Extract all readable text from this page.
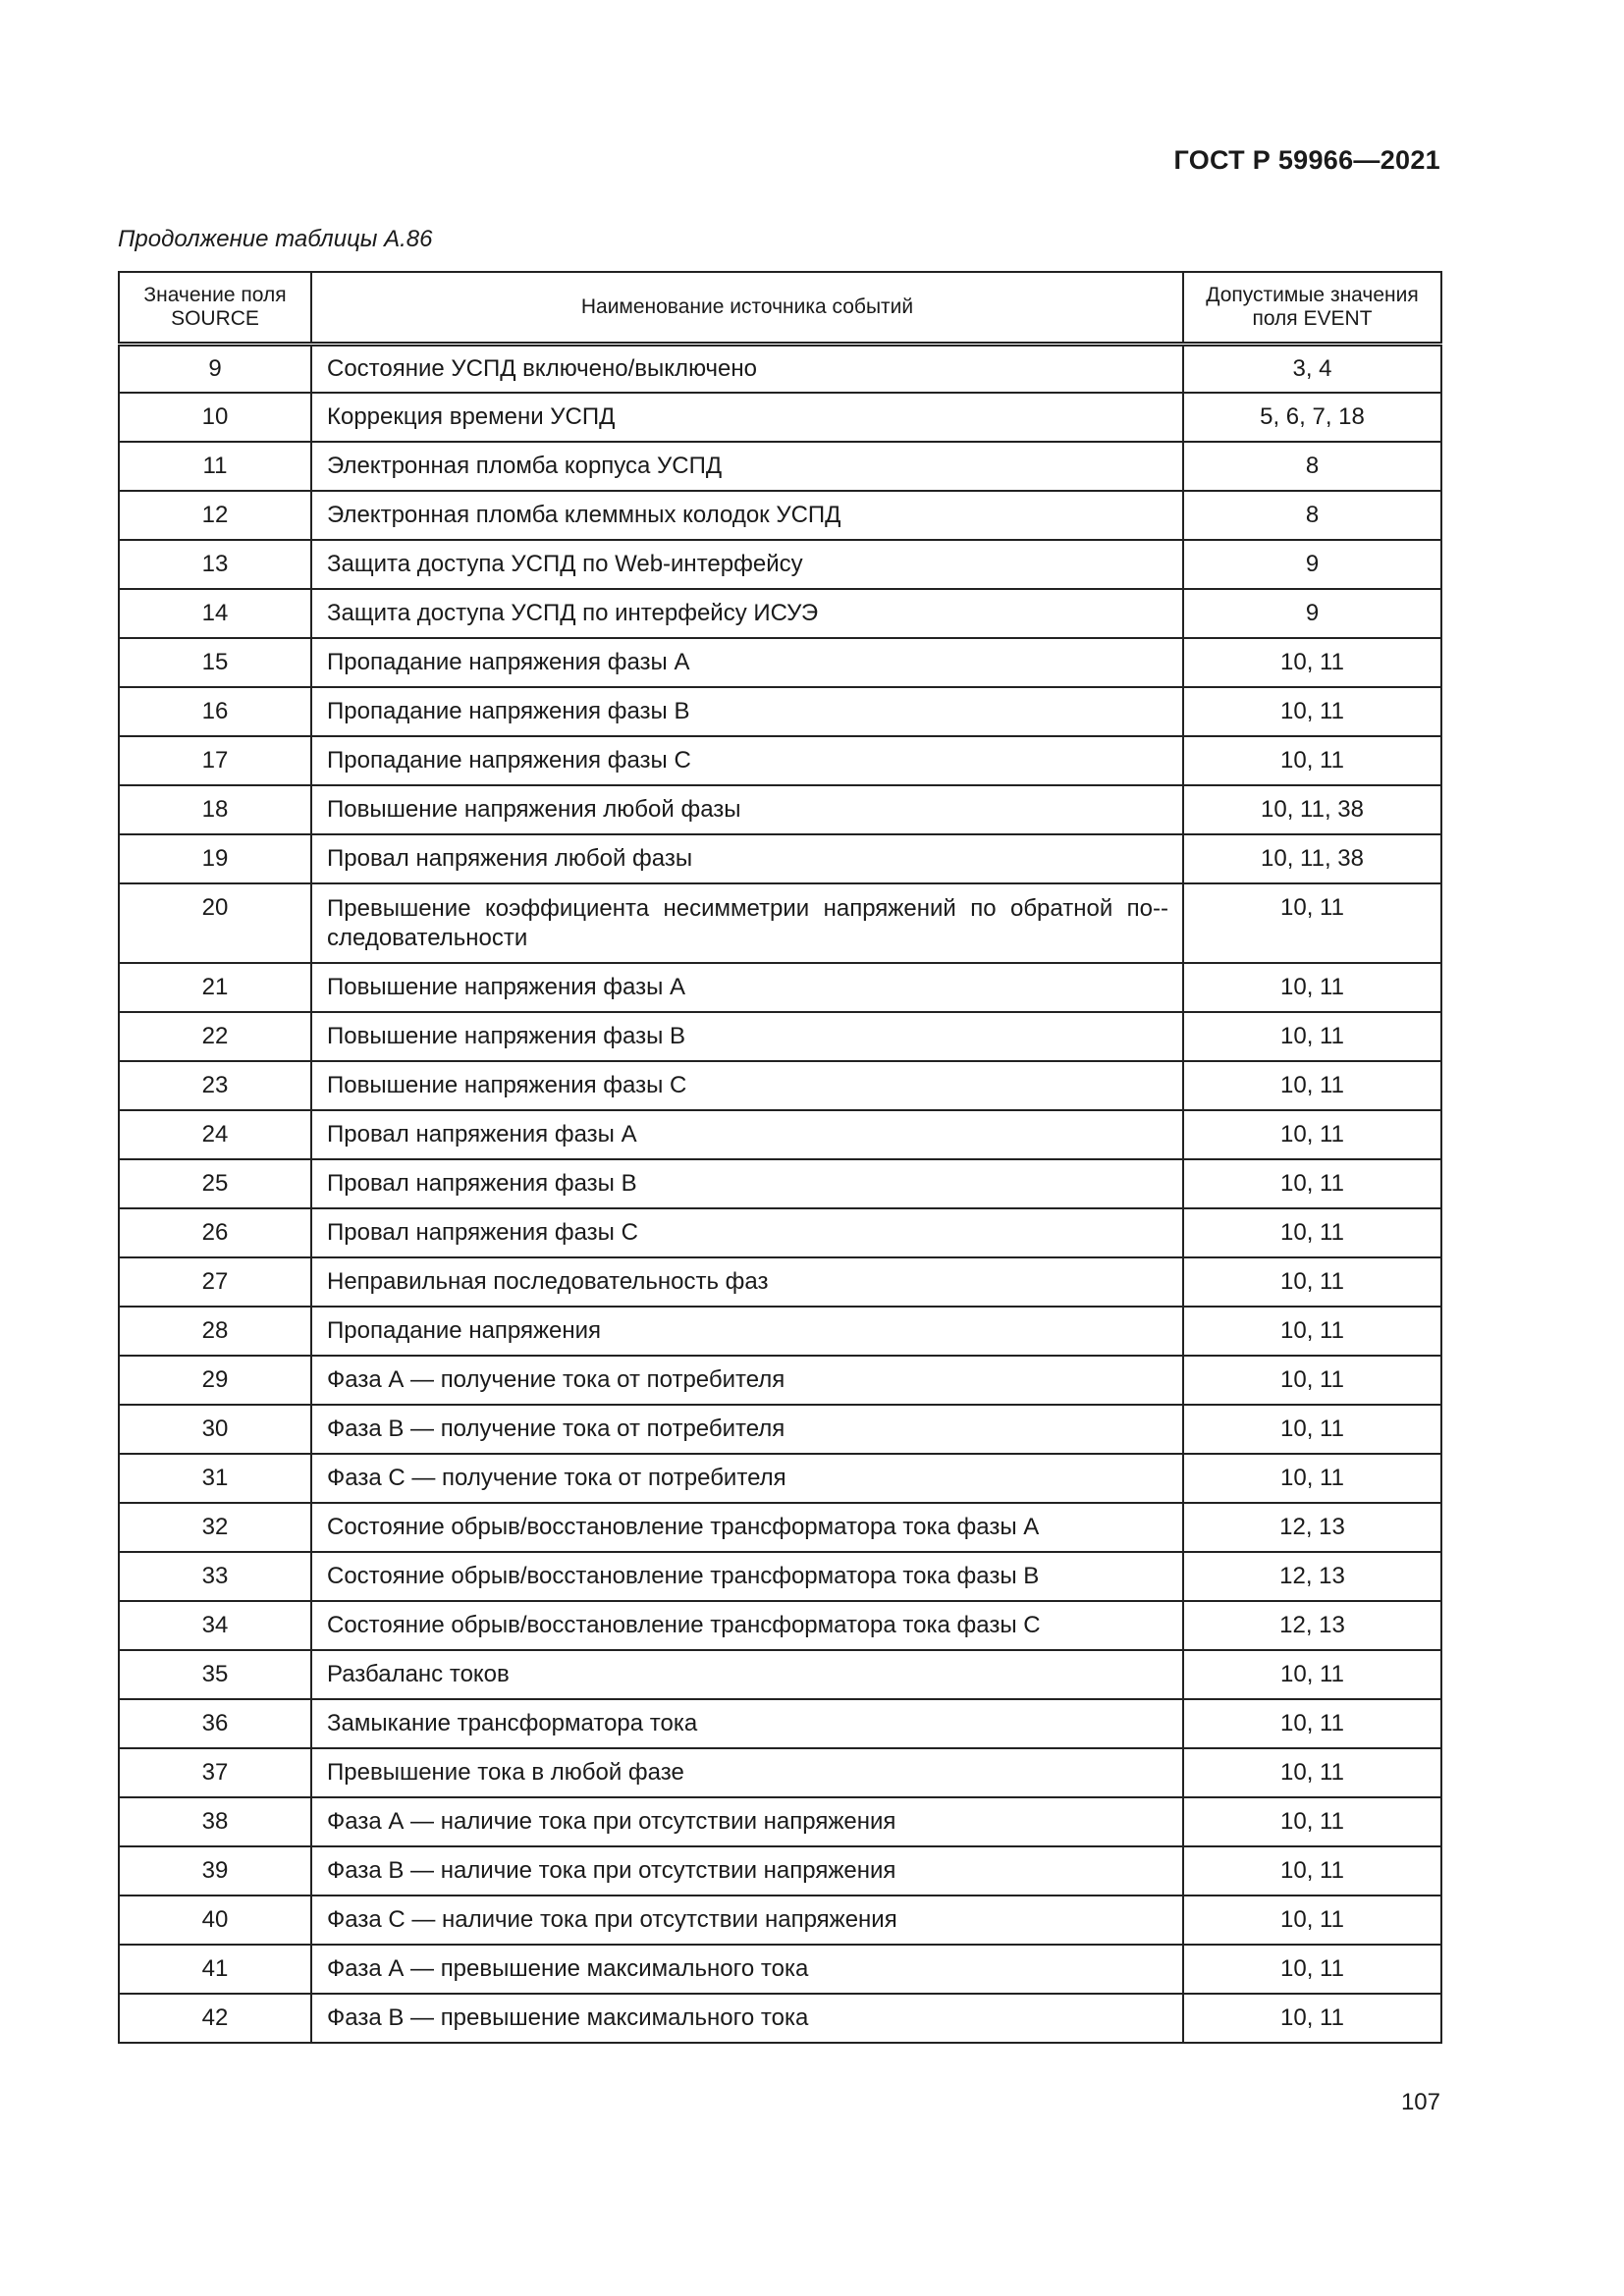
ГОСТ Р 59966—2021
Продолжение таблицы А.86
Значение поля SOURCE	Наименование источника событий	Допустимые значения поля EVENT
9	Состояние УСПД включено/выключено	3, 4
10	Коррекция времени УСПД	5, 6, 7, 18
11	Электронная пломба корпуса УСПД	8
12	Электронная пломба клеммных колодок УСПД	8
13	Защита доступа УСПД по Web-интерфейсу	9
14	Защита доступа УСПД по интерфейсу ИСУЭ	9
15	Пропадание напряжения фазы А	10, 11
16	Пропадание напряжения фазы В	10, 11
17	Пропадание напряжения фазы С	10, 11
18	Повышение напряжения любой фазы	10, 11, 38
19	Провал напряжения любой фазы	10, 11, 38
20	Превышение коэффициента несимметрии напряжений по обратной по-следовательности	10, 11
21	Повышение напряжения фазы А	10, 11
22	Повышение напряжения фазы В	10, 11
23	Повышение напряжения фазы С	10, 11
24	Провал напряжения фазы А	10, 11
25	Провал напряжения фазы В	10, 11
26	Провал напряжения фазы С	10, 11
27	Неправильная последовательность фаз	10, 11
28	Пропадание напряжения	10, 11
29	Фаза А — получение тока от потребителя	10, 11
30	Фаза В — получение тока от потребителя	10, 11
31	Фаза С — получение тока от потребителя	10, 11
32	Состояние обрыв/восстановление трансформатора тока фазы А	12, 13
33	Состояние обрыв/восстановление трансформатора тока фазы В	12, 13
34	Состояние обрыв/восстановление трансформатора тока фазы С	12, 13
35	Разбаланс токов	10, 11
36	Замыкание трансформатора тока	10, 11
37	Превышение тока в любой фазе	10, 11
38	Фаза А — наличие тока при отсутствии напряжения	10, 11
39	Фаза В — наличие тока при отсутствии напряжения	10, 11
40	Фаза С — наличие тока при отсутствии напряжения	10, 11
41	Фаза А — превышение максимального тока	10, 11
42	Фаза В — превышение максимального тока	10, 11
107
